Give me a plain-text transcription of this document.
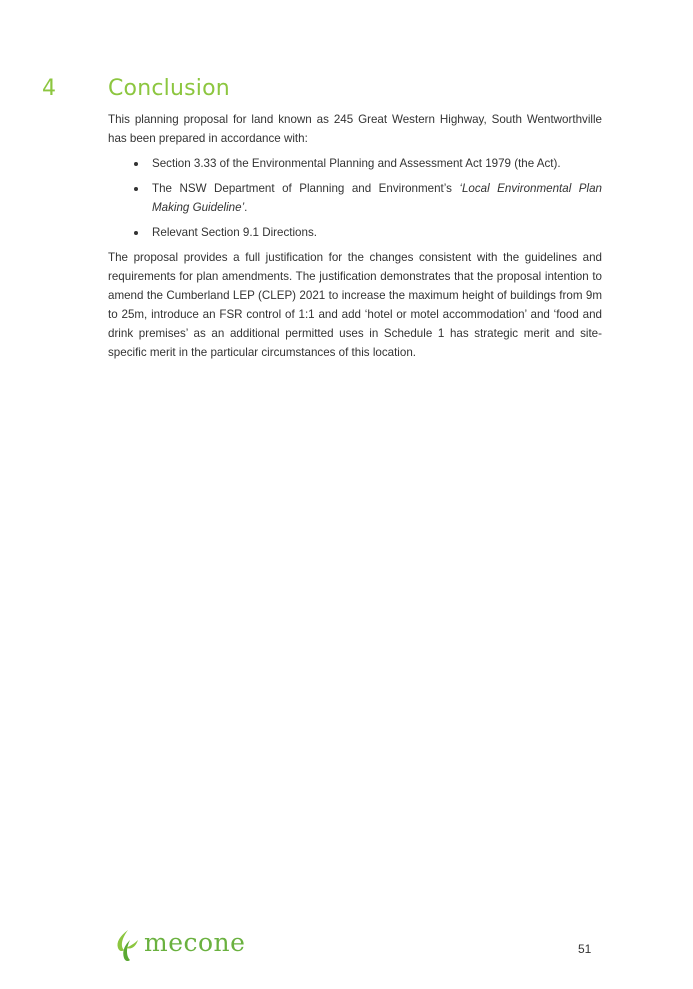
4 Conclusion

This planning proposal for land known as 245 Great Western Highway, South Wentworthville has been prepared in accordance with:

Section 3.33 of the Environmental Planning and Assessment Act 1979 (the Act).
The NSW Department of Planning and Environment’s ‘Local Environmental Plan Making Guideline’.
Relevant Section 9.1 Directions.

The proposal provides a full justification for the changes consistent with the guidelines and requirements for plan amendments. The justification demonstrates that the proposal intention to amend the Cumberland LEP (CLEP) 2021 to increase the maximum height of buildings from 9m to 25m, introduce an FSR control of 1:1 and add ‘hotel or motel accommodation’ and ‘food and drink premises’ as an additional permitted uses in Schedule 1 has strategic merit and site-specific merit in the particular circumstances of this location.

mecone	51
